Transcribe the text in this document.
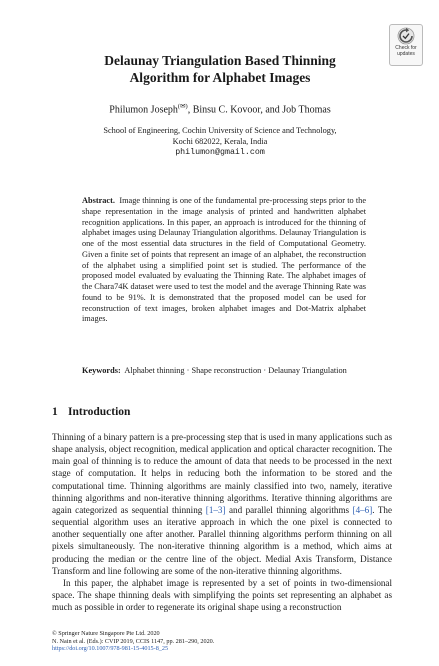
Check for
updates
Delaunay Triangulation Based Thinning
Algorithm for Alphabet Images
Philumon Joseph(✉), Binsu C. Kovoor, and Job Thomas
School of Engineering, Cochin University of Science and Technology,
Kochi 682022, Kerala, India
philumon@gmail.com
Abstract. Image thinning is one of the fundamental pre-processing steps prior to the shape representation in the image analysis of printed and handwritten alphabet recognition applications. In this paper, an approach is introduced for the thinning of alphabet images using Delaunay Triangulation algorithms. Delaunay Triangulation is one of the most essential data structures in the field of Computational Geometry. Given a finite set of points that represent an image of an alphabet, the reconstruction of the alphabet using a simplified point set is studied. The performance of the proposed model evaluated by evaluating the Thinning Rate. The alphabet images of the Chara74K dataset were used to test the model and the average Thinning Rate was found to be 91%. It is demonstrated that the proposed model can be used for reconstruction of text images, broken alphabet images and Dot-Matrix alphabet images.
Keywords: Alphabet thinning · Shape reconstruction · Delaunay Triangulation
1 Introduction

Thinning of a binary pattern is a pre-processing step that is used in many applications such as shape analysis, object recognition, medical application and optical character recognition. The main goal of thinning is to reduce the amount of data that needs to be processed in the next stage of computation. It helps in reducing both the information to be stored and the computational time. Thinning algorithms are mainly classified into two, namely, iterative thinning algorithms and non-iterative thinning algorithms. Iterative thinning algorithms are again categorized as sequential thinning [1–3] and parallel thinning algorithms [4–6]. The sequential algorithm uses an iterative approach in which the one pixel is connected to another sequentially one after another. Parallel thinning algorithms perform thinning on all pixels simultaneously. The non-iterative thinning algorithm is a method, which aims at producing the median or the centre line of the object. Medial Axis Transform, Distance Transform and line following are some of the non-iterative thinning algorithms.

In this paper, the alphabet image is represented by a set of points in two-dimensional space. The shape thinning deals with simplifying the points set representing an alphabet as much as possible in order to regenerate its original shape using a reconstruction

© Springer Nature Singapore Pte Ltd. 2020
N. Nain et al. (Eds.): CVIP 2019, CCIS 1147, pp. 281–290, 2020.
https://doi.org/10.1007/978-981-15-4015-8_25
